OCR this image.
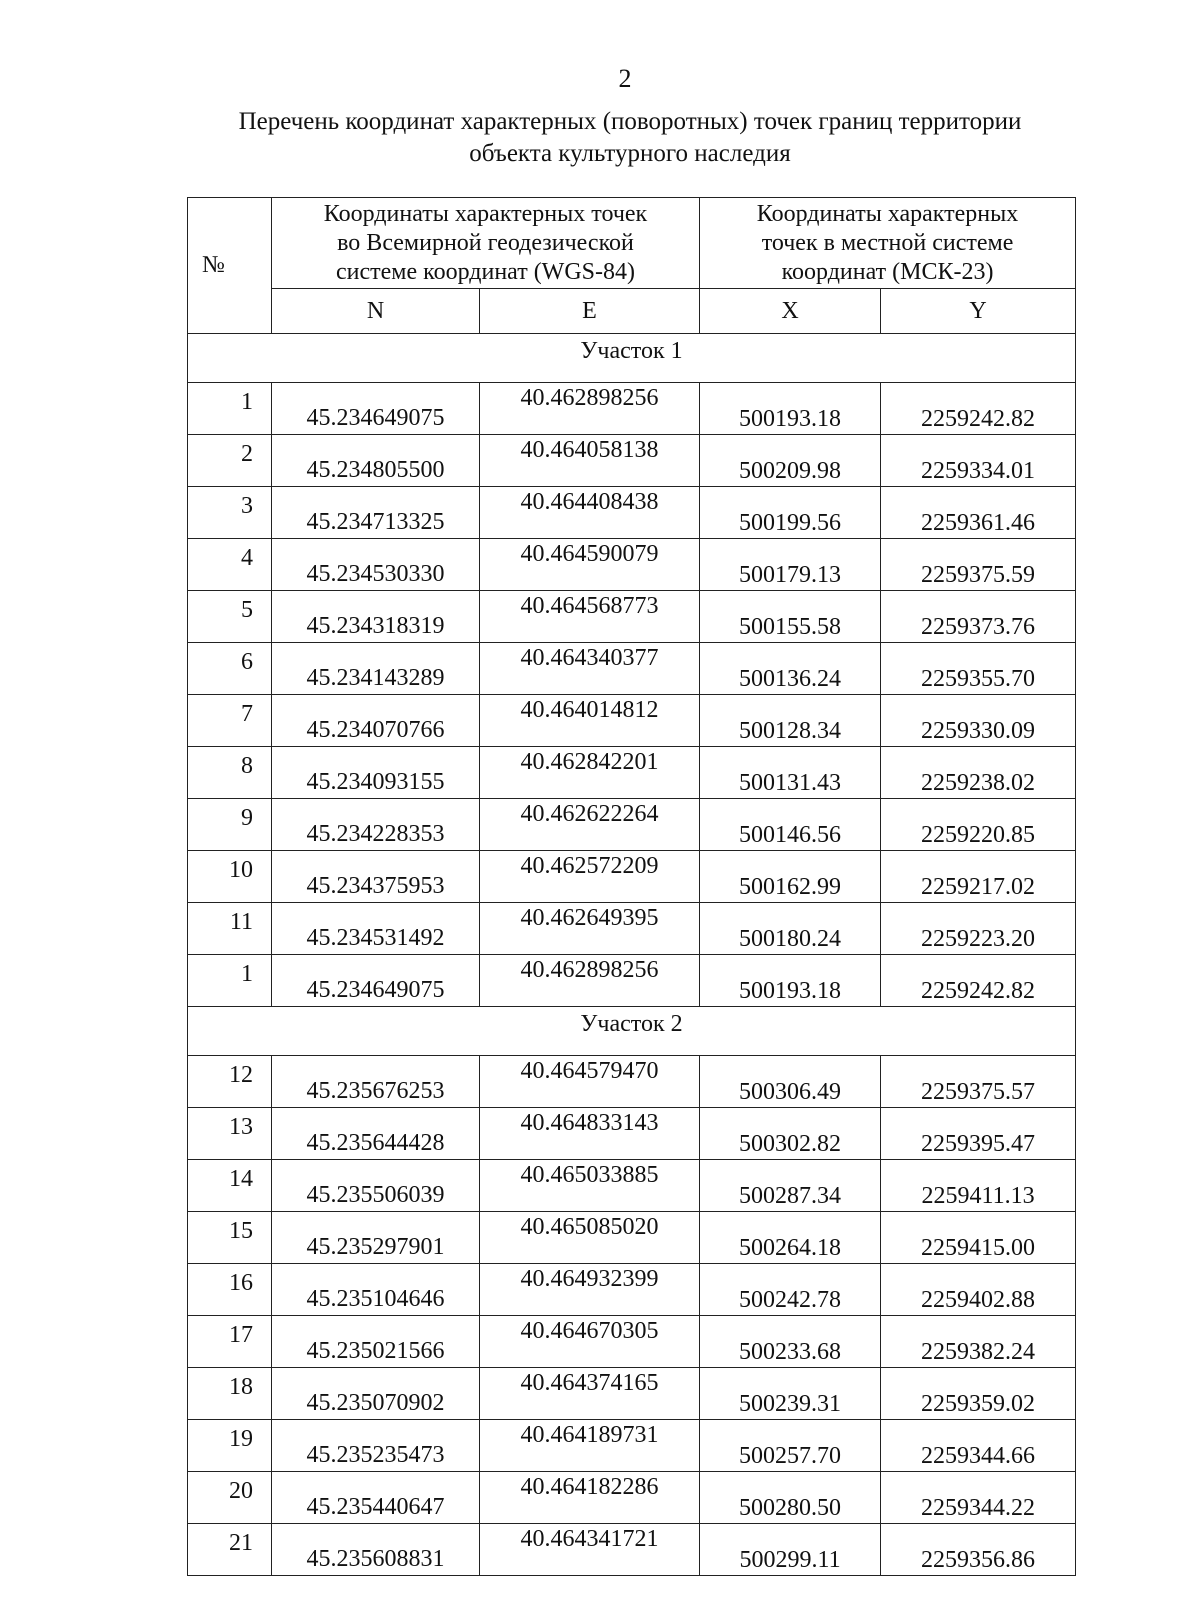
2
Перечень координат характерных (поворотных) точек границ территории
объекта культурного наследия
№	Координаты характерных точек
во Всемирной геодезической
системе координат (WGS-84)		Координаты характерных
точек в местной системе
координат (МСК-23)	

	N	E	X	Y
Участок 1				
1	45.234649075	40.462898256	500193.18	2259242.82
2	45.234805500	40.464058138	500209.98	2259334.01
3	45.234713325	40.464408438	500199.56	2259361.46
4	45.234530330	40.464590079	500179.13	2259375.59
5	45.234318319	40.464568773	500155.58	2259373.76
6	45.234143289	40.464340377	500136.24	2259355.70
7	45.234070766	40.464014812	500128.34	2259330.09
8	45.234093155	40.462842201	500131.43	2259238.02
9	45.234228353	40.462622264	500146.56	2259220.85
10	45.234375953	40.462572209	500162.99	2259217.02
11	45.234531492	40.462649395	500180.24	2259223.20
1	45.234649075	40.462898256	500193.18	2259242.82
Участок 2				
12	45.235676253	40.464579470	500306.49	2259375.57
13	45.235644428	40.464833143	500302.82	2259395.47
14	45.235506039	40.465033885	500287.34	2259411.13
15	45.235297901	40.465085020	500264.18	2259415.00
16	45.235104646	40.464932399	500242.78	2259402.88
17	45.235021566	40.464670305	500233.68	2259382.24
18	45.235070902	40.464374165	500239.31	2259359.02
19	45.235235473	40.464189731	500257.70	2259344.66
20	45.235440647	40.464182286	500280.50	2259344.22
21	45.235608831	40.464341721	500299.11	2259356.86
